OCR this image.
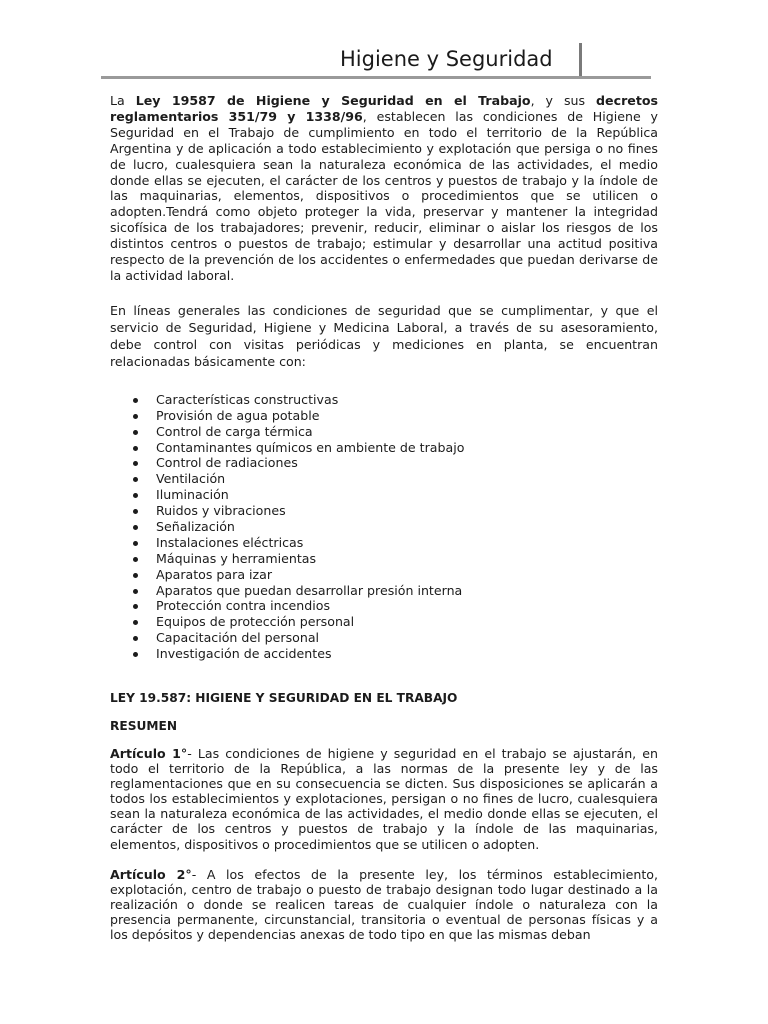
Higiene y Seguridad

La Ley 19587 de Higiene y Seguridad en el Trabajo, y sus decretos reglamentarios 351/79 y 1338/96, establecen las condiciones de Higiene y Seguridad en el Trabajo de cumplimiento en todo el territorio de la República Argentina y de aplicación a todo establecimiento y explotación que persiga o no fines de lucro, cualesquiera sean la naturaleza económica de las actividades, el medio donde ellas se ejecuten, el carácter de los centros y puestos de trabajo y la índole de las maquinarias, elementos, dispositivos o procedimientos que se utilicen o adopten.Tendrá como objeto proteger la vida, preservar y mantener la integridad sicofísica de los trabajadores; prevenir, reducir, eliminar o aislar los riesgos de los distintos centros o puestos de trabajo; estimular y desarrollar una actitud positiva respecto de la prevención de los accidentes o enfermedades que puedan derivarse de la actividad laboral.

En líneas generales las condiciones de seguridad que se cumplimentar, y que el servicio de Seguridad, Higiene y Medicina Laboral, a través de su asesoramiento, debe control con visitas periódicas y mediciones en planta, se encuentran relacionadas básicamente con:

Características constructivas
Provisión de agua potable
Control de carga térmica
Contaminantes químicos en ambiente de trabajo
Control de radiaciones
Ventilación
Iluminación
Ruidos y vibraciones
Señalización
Instalaciones eléctricas
Máquinas y herramientas
Aparatos para izar
Aparatos que puedan desarrollar presión interna
Protección contra incendios
Equipos de protección personal
Capacitación del personal
Investigación de accidentes

LEY 19.587: HIGIENE Y SEGURIDAD EN EL TRABAJO

RESUMEN

Artículo 1°- Las condiciones de higiene y seguridad en el trabajo se ajustarán, en todo el territorio de la República, a las normas de la presente ley y de las reglamentaciones que en su consecuencia se dicten. Sus disposiciones se aplicarán a todos los establecimientos y explotaciones, persigan o no fines de lucro, cualesquiera sean la naturaleza económica de las actividades, el medio donde ellas se ejecuten, el carácter de los centros y puestos de trabajo y la índole de las maquinarias, elementos, dispositivos o procedimientos que se utilicen o adopten.

Artículo 2°- A los efectos de la presente ley, los términos establecimiento, explotación, centro de trabajo o puesto de trabajo designan todo lugar destinado a la realización o donde se realicen tareas de cualquier índole o naturaleza con la presencia permanente, circunstancial, transitoria o eventual de personas físicas y a los depósitos y dependencias anexas de todo tipo en que las mismas deban
